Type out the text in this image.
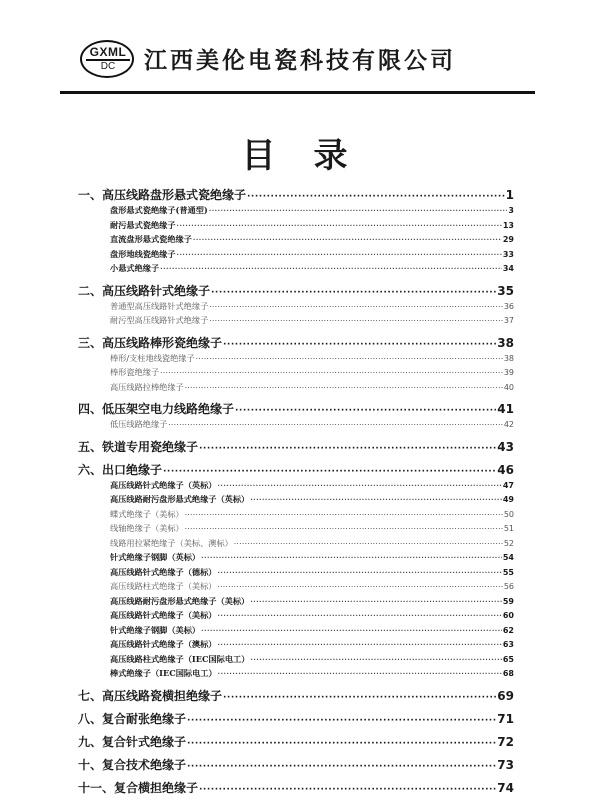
GXML
DC	江西美伦电瓷科技有限公司
目录
一、高压线路盘形悬式瓷绝缘子 ·····	1
盘形悬式瓷绝缘子(普通型) ·····	3
耐污悬式瓷绝缘子 ·····	13
直流盘形悬式瓷绝缘子 ·····	29
盘形地线瓷绝缘子 ·····	33
小悬式绝缘子 ·····	34
二、高压线路针式绝缘子 ·····	35
普通型高压线路针式绝缘子 ·····	36
耐污型高压线路针式绝缘子 ·····	37
三、高压线路棒形瓷绝缘子 ·····	38
棒形/支柱地线瓷绝缘子 ·····	38
棒形瓷绝缘子 ·····	39
高压线路拉棒绝缘子 ·····	40
四、低压架空电力线路绝缘子 ·····	41
低压线路绝缘子 ·····	42
五、铁道专用瓷绝缘子 ·····	43
六、出口绝缘子 ·····	46
高压线路针式绝缘子（英标） ·····	47
高压线路耐污盘形悬式绝缘子（英标） ·····	49
蝶式绝缘子（美标） ·····	50
线轴绝缘子（美标） ·····	51
线路用拉紧绝缘子（美标、澳标） ·····	52
针式绝缘子钢脚（英标） ·····	54
高压线路针式绝缘子（德标） ·····	55
高压线路柱式绝缘子（美标） ·····	56
高压线路耐污盘形悬式绝缘子（美标） ·····	59
高压线路针式绝缘子（美标） ·····	60
针式绝缘子钢脚（美标） ·····	62
高压线路针式绝缘子（澳标） ·····	63
高压线路柱式绝缘子（IEC国际电工） ·····	65
棒式绝缘子（IEC国际电工） ·····	68
七、高压线路瓷横担绝缘子 ·····	69
八、复合耐张绝缘子 ·····	71
九、复合针式绝缘子 ·····	72
十、复合技术绝缘子 ·····	73
十一、复合横担绝缘子 ·····	74
